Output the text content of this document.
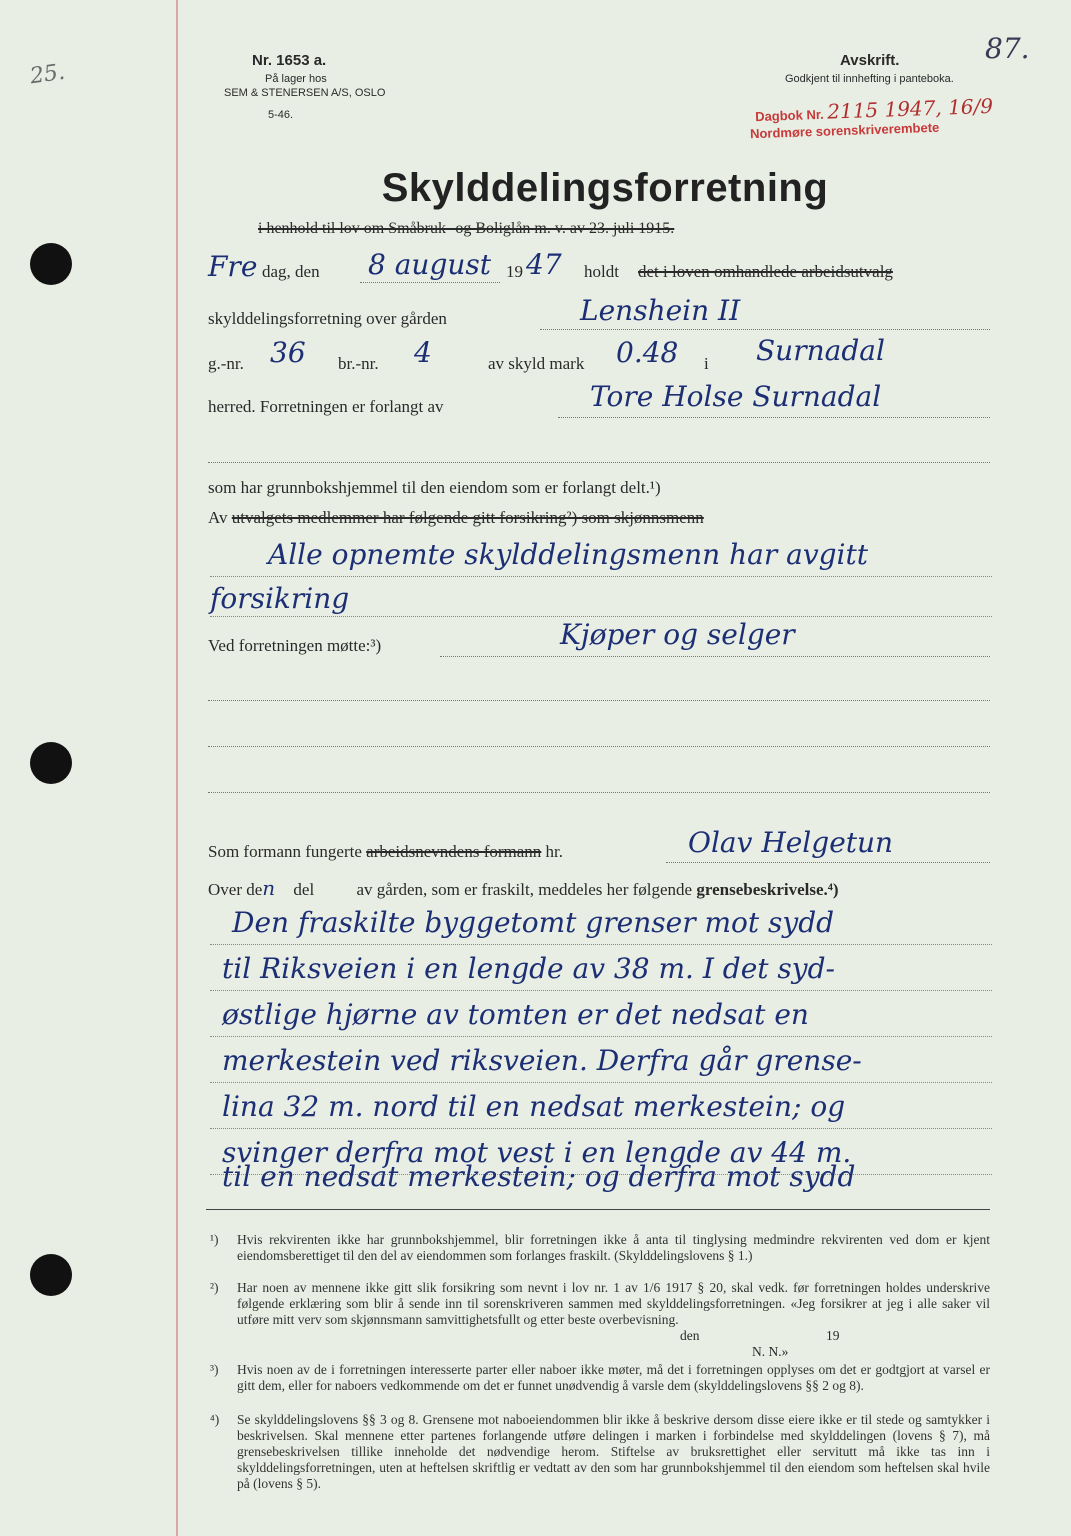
25.	Nr. 1653 a.
På lager hos
SEM & STENERSEN A/S, OSLO
5-46.
Avskrift.
Godkjent til innhefting i panteboka.
87.
Dagbok Nr. 2115 1947, 16/9
Nordmøre sorenskriverembete
Skylddelingsforretning
i henhold til lov om Småbruk- og Boliglån m. v. av 23. juli 1915.
Fre dag, den 8 august 19 47 holdt det i loven omhandlede arbeidsutvalg
skylddelingsforretning over gården	Lenshein II
g.-nr. 36 br.-nr. 4	av skyld mark 0.48 i Surnadal
herred. Forretningen er forlangt av	Tore Holse Surnadal
som har grunnbokshjemmel til den eiendom som er forlangt delt.¹)
Av utvalgets medlemmer har følgende gitt forsikring²) som skjønnsmenn
Alle opnemte skylddelingsmenn har avgitt
forsikring
Ved forretningen møtte:³)	Kjøper og selger
Som formann fungerte arbeidsnevndens formann hr.	Olav Helgetun
Over den del av gården, som er fraskilt, meddeles her følgende grensebeskrivelse.⁴)
Den fraskilte byggetomt grenser mot sydd
til Riksveien i en lengde av 38 m. I det syd-
østlige hjørne av tomten er det nedsat en
merkestein ved riksveien. Derfra går grense-
lina 32 m. nord til en nedsat merkestein; og
svinger derfra mot vest i en lengde av 44 m.
til en nedsat merkestein; og derfra mot sydd
¹) Hvis rekvirenten ikke har grunnbokshjemmel, blir forretningen ikke å anta til tinglysing medmindre rekvirenten ved dom er kjent eiendomsberettiget til den del av eiendommen som forlanges fraskilt. (Skylddelingslovens § 1.)
²) Har noen av mennene ikke gitt slik forsikring som nevnt i lov nr. 1 av 1/6 1917 § 20, skal vedk. før forretningen holdes underskrive følgende erklæring som blir å sende inn til sorenskriveren sammen med skylddelingsforretningen. «Jeg forsikrer at jeg i alle saker vil utføre mitt verv som skjønnsmann samvittighetsfullt og etter beste overbevisning.
den	19
N. N.»
³) Hvis noen av de i forretningen interesserte parter eller naboer ikke møter, må det i forretningen opplyses om det er godtgjort at varsel er gitt dem, eller for naboers vedkommende om det er funnet unødvendig å varsle dem (skylddelingslovens §§ 2 og 8).
⁴) Se skylddelingslovens §§ 3 og 8. Grensene mot naboeiendommen blir ikke å beskrive dersom disse eiere ikke er til stede og samtykker i beskrivelsen. Skal mennene etter partenes forlangende utføre delingen i marken i forbindelse med skylddelingen (lovens § 7), må grensebeskrivelsen tillike inneholde det nødvendige herom. Stiftelse av bruksrettighet eller servitutt må ikke tas inn i skylddelingsforretningen, uten at heftelsen skriftlig er vedtatt av den som har grunnbokshjemmel til den eiendom som heftelsen skal hvile på (lovens § 5).
